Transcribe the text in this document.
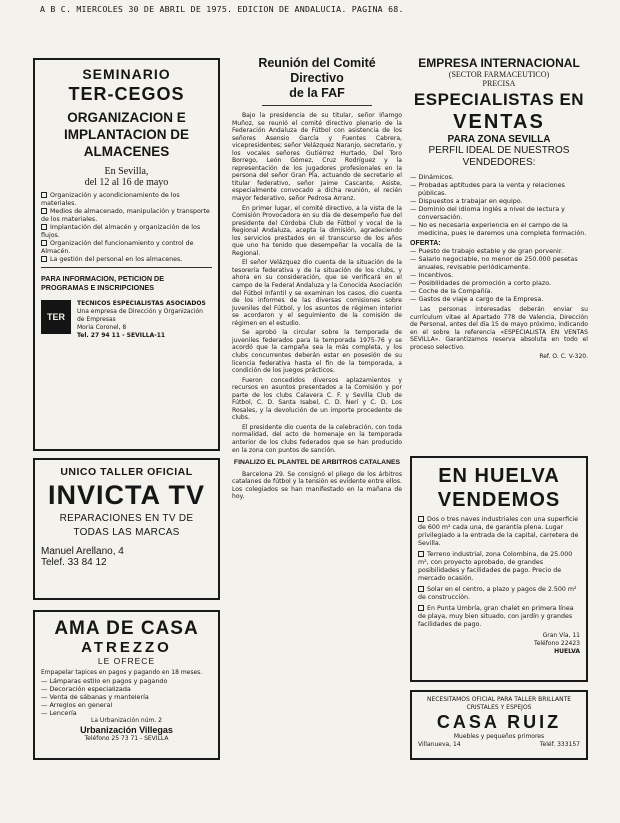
A B C. MIERCOLES 30 DE ABRIL DE 1975. EDICION DE ANDALUCIA. PAGINA 68.
SEMINARIO
TER-CEGOS
ORGANIZACION E IMPLANTACION DE ALMACENES
En Sevilla,
del 12 al 16 de mayo
Organización y acondicionamiento de los materiales.
Medios de almacenado, manipulación y transporte de los materiales.
Implantación del almacén y organización de los flujos.
Organización del funcionamiento y control de Almacén.
La gestión del personal en los almacenes.
PARA INFORMACION, PETICION DE PROGRAMAS E INSCRIPCIONES
TER
TECNICOS ESPECIALISTAS ASOCIADOS
Una empresa de Dirección y Organización de Empresas
Moria Coronel, 8
Tel. 27 94 11 - SEVILLA-11
UNICO TALLER OFICIAL
INVICTA TV
REPARACIONES EN TV DE TODAS LAS MARCAS
Manuel Arellano, 4
Telef. 33 84 12
AMA DE CASA
ATREZZO
LE OFRECE
Empapelar tapices en pagos y pagando en 18 meses.
— Lámparas estilo en pagos y pagando
— Decoración especializada
— Venta de sábanas y mantelería
— Arreglos en general
— Lencería
La Urbanización núm. 2
Urbanización Villegas
Teléfono 25 73 71 - SEVILLA
Reunión del Comité Directivo
de la FAF

Bajo la presidencia de su titular, señor Iñamgo Muñoz, se reunió el comité directivo plenario de la Federación Andaluza de Fútbol con asistencia de los señores Asensio García y Fuentes Cabrera, vicepresidentes; señor Velázquez Naranjo, secretario, y los vocales señores Gutiérrez Hurtado, Del Toro Borrego, León Gómez, Cruz Rodríguez y la representación de los jugadores profesionales en la persona del señor Gran Pla, actuando de secretario el titular federativo, señor Jaime Cascante. Asiste, especialmente convocado a dicha reunión, el recién mayor federativo, señor Pedrosa Arranz.

En primer lugar, el comité directivo, a la vista de la Comisión Provocadora en su día de desempeño fue del presidente del Córdoba Club de Fútbol y vocal de la Regional Andaluza, acepta la dimisión, agradeciendo los servicios prestados en el transcurso de los años que uno ha tenido que desempeñar la vocalía de la Regional.

El señor Velázquez dio cuenta de la situación de la tesorería federativa y de la situación de los clubs, y ahora en su consideración, que se verificará en el campo de la Federal Andaluza y la Conocida Asociación del Fútbol Infantil y se examinan los casos, dio cuenta de los informes de las diversas comisiones sobre Juveniles del Fútbol, y los asuntos de régimen interior se acordaron y el seguimiento de la comisión de régimen en el estudio.

Se aprobó la circular sobre la temporada de juveniles federados para la temporada 1975-76 y se acordó que la campaña sea la más completa, y los clubs concurrentes deberán estar en posesión de su licencia federativa hasta el fin de la temporada, a condición de los juegos prácticos.

Fueron concedidos diversos aplazamientos y recursos en asuntos presentados a la Comisión y por parte de los clubs Calavera C. F. y Sevilla Club de Fútbol, C. D. Santa Isabel, C. D. Nerí y C. D. Los Rosales, y la devolución de un importe procedente de clubs.

El presidente dio cuenta de la celebración, con toda normalidad, del acto de homenaje en la temporada anterior de los clubs federados que se han producido en la zona con puntos de sanción.

FINALIZO EL PLANTEL DE ARBITROS CATALANES

Barcelona 29. Se consignó el pliego de los árbitros catalanes de fútbol y la tensión es evidente entre ellos. Los colegiados se han manifestado en la mañana de hoy.

EMPRESA INTERNACIONAL
(SECTOR FARMACEUTICO)
PRECISA
ESPECIALISTAS EN
VENTAS
PARA ZONA SEVILLA
PERFIL IDEAL DE NUESTROS VENDEDORES:
— Dinámicos.
— Probadas aptitudes para la venta y relaciones públicas.
— Dispuestos a trabajar en equipo.
— Dominio del idioma inglés a nivel de lectura y conversación.
— No es necesaria experiencia en el campo de la medicina, pues le daremos una completa formación.
OFERTA:
— Puesto de trabajo estable y de gran porvenir.
— Salario negociable, no menor de 250.000 pesetas anuales, revisable periódicamente.
— Incentivos.
— Posibilidades de promoción a corto plazo.
— Coche de la Compañía.
— Gastos de viaje a cargo de la Empresa.

Las personas interesadas deberán enviar su currículum vitae al Apartado 778 de Valencia, Dirección de Personal, antes del día 15 de mayo próximo, indicando en el sobre la referencia «ESPECIALISTA EN VENTAS SEVILLA». Garantizamos reserva absoluta en todo el proceso selectivo.

Ref. O. C. V-320.
EN HUELVA
VENDEMOS
Dos o tres naves industriales con una superficie de 600 m² cada una, de garantía plena. Lugar privilegiado a la entrada de la capital, carretera de Sevilla.
Terreno industrial, zona Colombina, de 25.000 m², con proyecto aprobado, de grandes posibilidades y facilidades de pago. Precio de mercado ocasión.
Solar en el centro, a plazo y pagos de 2.500 m² de construcción.
En Punta Umbría, gran chalet en primera línea de playa, muy bien situado, con jardín y grandes facilidades de pago.
Gran Vía, 11
Teléfono 22423
HUELVA
NECESITAMOS OFICIAL PARA TALLER BRILLANTE CRISTALES Y ESPEJOS
CASA RUIZ
Muebles y pequeños primores
Villanueva, 14	Teléf. 333157
